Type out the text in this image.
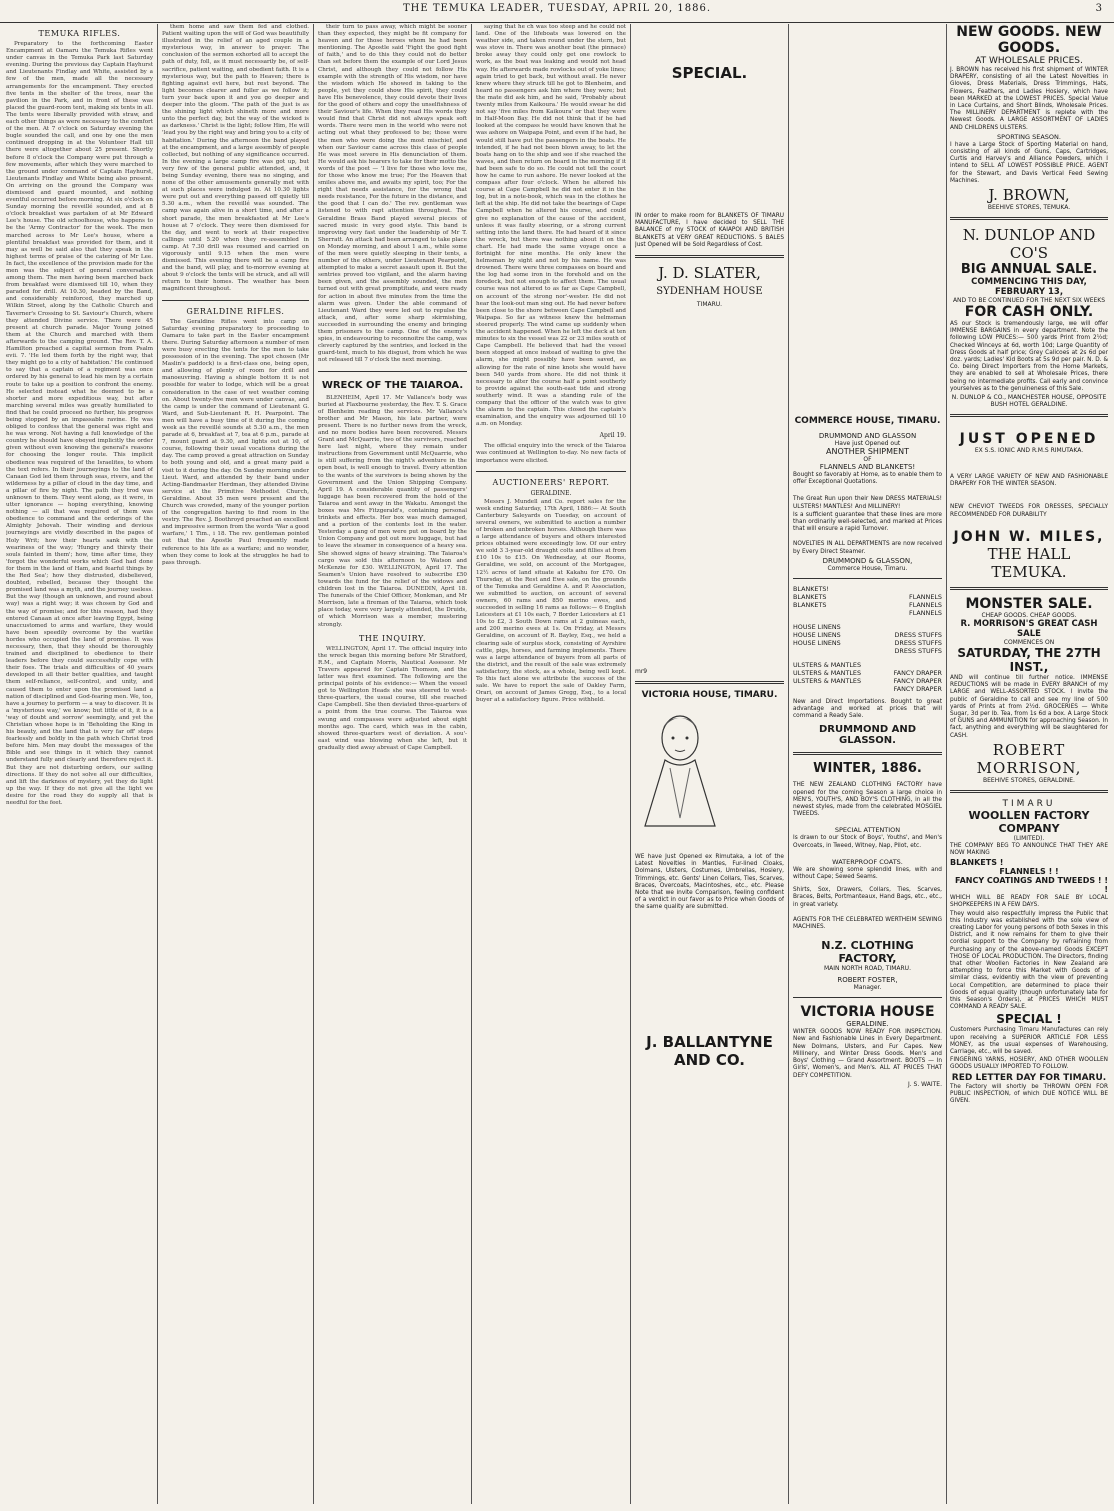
THE TEMUKA LEADER, TUESDAY, APRIL 20, 1886.	3
TEMUKA RIFLES.

Preparatory to the forthcoming Easter Encampment at Oamaru the Temuka Rifles went under canvas in the Temuka Park last Saturday evening. During the previous day Captain Hayhurst and Lieutenants Findlay and White, assisted by a few of the men, made all the necessary arrangements for the encampment. They erected five tents in the shelter of the trees, near the pavilion in the Park, and in front of these was placed the guard-room tent, making six tents in all. The tents were liberally provided with straw, and each other things as were necessary to the comfort of the men. At 7 o'clock on Saturday evening the bugle sounded the call, and one by one the men continued dropping in at the Volunteer Hall till there were altogether about 25 present. Shortly before 8 o'clock the Company were put through a few movements, after which they were marched to the ground under command of Captain Hayhurst, Lieutenants Findlay and White being also present. On arriving on the ground the Company was dismissed and guard mounted, and nothing eventful occurred before morning. At six o'clock on Sunday morning the reveillé sounded, and at 8 o'clock breakfast was partaken of at Mr Edward Lee's house. The old schoolhouse, who happens to be the 'Army Contractor' for the week. The men marched across to Mr Lee's house, where a plentiful breakfast was provided for them, and it may as well be said also that they speak in the highest terms of praise of the catering of Mr Lee. In fact, the excellence of the provision made for the men was the subject of general conversation among them. The men having been marched back from breakfast were dismissed till 10, when they paraded for drill. At 10.30, headed by the Band, and considerably reinforced, they marched up Wilkin Street, along by the Catholic Church and Taverner's Crossing to St. Saviour's Church, where they attended Divine service. There were 45 present at church parade. Major Young joined them at the Church and marched with them afterwards to the camping ground. The Rev. T. A. Hamilton preached a capital sermon from Psalm evii. 7. 'He led them forth by the right way, that they might go to a city of habitation.' He continued to say that a captain of a regiment was once ordered by his general to lead his men by a certain route to take up a position to confront the enemy. He selected instead what he deemed to be a shorter and more expeditious way, but after marching several miles was greatly humiliated to find that he could proceed no further, his progress being stopped by an impassable ravine. He was obliged to confess that the general was right and he was wrong. Not having a full knowledge of the country he should have obeyed implicitly the order given without even knowing the general's reasons for choosing the longer route. This implicit obedience was required of the Israelites, to whom the text refers. In their journeyings to the land of Canaan God led them through seas, rivers, and the wilderness by a pillar of cloud in the day time, and a pillar of fire by night. The path they trod was unknown to them. They went along, as it were, in utter ignorance — hoping everything, knowing nothing — all that was required of them was obedience to command and the orderings of the Almighty Jehovah. Their winding and devious journeyings are vividly described in the pages of Holy Writ; how their hearts sank with the weariness of the way; 'Hungry and thirsty their souls fainted in them'; how, time after time, they 'forgot the wonderful works which God had done for them in the land of Ham, and fearful things by the Red Sea'; how they distrusted, disbelieved, doubted, rebelled, because they thought the promised land was a myth, and the journey useless. But the way (though an unknown, and round about way) was a right way; it was chosen by God and the way of promise; and for this reason, had they entered Canaan at once after leaving Egypt, being unaccustomed to arms and warfare, they would have been speedily overcome by the warlike hordes who occupied the land of promise. It was necessary, then, that they should be thoroughly trained and disciplined to obedience to their leaders before they could successfully cope with their foes. The trials and difficulties of 40 years developed in all their better qualities, and taught them self-reliance, self-control, and unity, and caused them to enter upon the promised land a nation of disciplined and God-fearing men. We, too, have a journey to perform — a way to discover. It is a 'mysterious way,' we know; but little of it, it is a 'way of doubt and sorrow' seemingly, and yet the Christian whose hope is in 'Beholding the King in his beauty, and the land that is very far off' steps fearlessly and boldly in the path which Christ trod before him. Men may doubt the messages of the Bible and see things in it which they cannot understand fully and clearly and therefore reject it. But they are not disturbing orders, our sailing directions. If they do not solve all our difficulties, and lift the darkness of mystery, yet they do light up the way. If they do not give all the light we desire for the road they do supply all that is needful for the feet.

them home and saw them fed and clothed. Patient waiting upon the will of God was beautifully illustrated in the relief of an aged couple in a mysterious way, in answer to prayer. The conclusion of the sermon exhorted all to accept the path of duty, foll, as it must necessarily be, of self-sacrifice, patient waiting, and obedient faith. It is a mysterious way, but the path to Heaven; there is fighting against evil here, but rest beyond. The light becomes clearer and fuller as we follow it; turn your back upon it and you go deeper and deeper into the gloom. 'The path of the just is as the shining light which shineth more and more unto the perfect day, but the way of the wicked is as darkness.' Christ is the light; follow Him, He will 'lead you by the right way and bring you to a city of habitation.' During the afternoon the band played at the encampment, and a large assembly of people collected, but nothing of any significance occurred. In the evening a large camp fire was got up, but very few of the general public attended, and, it being Sunday evening, there was no singing, and none of the other amusements generally met with at such places were indulged in. At 10.30 lights were put out and everything passed off quietly till 5.30 a.m., when the reveillé was sounded. The camp was again alive in a short time, and after a short parade, the men breakfasted at Mr Lee's house at 7 o'clock. They were then dismissed for the day, and went to work at their respective callings until 5.20 when they re-assembled in camp. At 7.30 drill was resumed and carried on vigorously until 9.15 when the men were dismissed. This evening there will be a camp fire and the band, will play, and to-morrow evening at about 9 o'clock the tents will be struck, and all will return to their homes. The weather has been magnificent throughout.

GERALDINE RIFLES.

The Geraldine Rifles went into camp on Saturday evening preparatory to proceeding to Oamaru to take part in the Easter encampment there. During Saturday afternoon a number of men were busy erecting the tents for the men to take possession of in the evening. The spot chosen (Mr Maslin's paddock) is a first-class one, being open, and allowing of plenty of room for drill and manoeuvring. Having a shingle bottom it is not possible for water to lodge, which will be a great consideration in the case of wet weather coming on. About twenty-five men were under canvas, and the camp is under the command of Lieutenant G. Ward, and Sub-Lieutenant R. H. Pearpoint. The men will have a busy time of it during the coming week as the reveillé sounds at 5.30 a.m., the men parade at 6, breakfast at 7, tea at 6 p.m., parade at 7, mount guard at 9.30, and lights out at 10, of course, following their usual vocations during the day. The camp proved a great attraction on Sunday to both young and old, and a great many paid a visit to it during the day. On Sunday morning under Lieut. Ward, and attended by their band under Acting-Bandmaster Herdman, they attended Divine service at the Primitive Methodist Church, Geraldine. About 35 men were present and the Church was crowded, many of the younger portion of the congregation having to find room in the vestry. The Rev. J. Boothroyd preached an excellent and impressive sermon from the words 'War a good warfare,' 1 Tim., i 18. The rev. gentleman pointed out that the Apostle Paul frequently made reference to his life as a warfare; and no wonder, when they come to look at the struggles he had to pass through.

their turn to pass away, which might be sooner than they expected, they might be fit company for heaven and for those heroes whom he had been mentioning. The Apostle said 'Fight the good fight of faith,' and to do this they could not do better than set before them the example of our Lord Jesus Christ, and although they could not follow His example with the strength of His wisdom, nor have the wisdom which He showed in taking to the people, yet they could show His spirit, they could have His benevolence, they could devote their lives for the good of others and copy the unselfishness of their Saviour's life. When they read His words they would find that Christ did not always speak soft words. There were men in the world who were not acting out what they professed to be; those were the men who were doing the most mischief, and when our Saviour came across this class of people He was most severe in His denunciation of them. He would ask his hearers to take for their motto the words of the poet — 'I live for those who love me, for those who know me true; For the Heaven that smiles above me, and awaits my spirit, too; For the right that needs assistance, for the wrong that needs resistance, For the future in the distance, and the good that I can do.' The rev. gentleman was listened to with rapt attention throughout. The Geraldine Brass Band played several pieces of sacred music in very good style. This band is improving very fast under the leadership of Mr T. Sherratt. An attack had been arranged to take place on Monday morning, and about 1 a.m., while some of the men were quietly sleeping in their tents, a number of the others, under Lieutenant Pearpoint, attempted to make a secret assault upon it. But the sentries proved too vigilant, and the alarm having been given, and the assembly sounded, the men turned out with great promptitude, and were ready for action in about five minutes from the time the alarm was given. Under the able command of Lieutenant Ward they were led out to repulse the attack, and, after some sharp skirmishing, succeeded in surrounding the enemy and bringing them prisoners to the camp. One of the enemy's spies, in endeavouring to reconnoitre the camp, was cleverly captured by the sentries, and locked in the guard-tent, much to his disgust, from which he was not released till 7 o'clock the next morning.

WRECK OF THE TAIAROA.

BLENHEIM, April 17. Mr Vallance's body was buried at Flaxbourne yesterday, the Rev. T. S. Grace of Blenheim reading the services. Mr Vallance's brother and Mr Mason, his late partner, were present. There is no further news from the wreck, and no more bodies have been recovered. Messrs Grant and McQuarrie, two of the survivors, reached here last night, where they remain under instructions from Government until McQuarrie, who is still suffering from the night's adventure in the open boat, is well enough to travel. Every attention to the wants of the survivors is being shown by the Government and the Union Shipping Company. April 19. A considerable quantity of passengers' luggage has been recovered from the hold of the Taiaroa and sent away in the Wakatu. Amongst the boxes was Mrs Fitzgerald's, containing personal trinkets and effects. Her box was much damaged, and a portion of the contents lost in the water. Yesterday a gang of men were put on board by the Union Company and got out more luggage, but had to leave the steamer in consequence of a heavy sea. She showed signs of heavy straining. The Taiaroa's cargo was sold this afternoon to Watson and McKenzie for £30. WELLINGTON, April 17. The Seamen's Union have resolved to subscribe £50 towards the fund for the relief of the widows and children lost in the Taiaroa. DUNEDIN, April 18. The funerals of the Chief Officer, Monkman, and Mr Morrison, late a fireman of the Taiaroa, which took place today, were very largely attended, the Druids, of which Morrison was a member, mustering strongly.

THE INQUIRY.

WELLINGTON, April 17. The official inquiry into the wreck began this morning before Mr Stratford, R.M., and Captain Morris, Nautical Assessor. Mr Travers appeared for Captain Thomson, and the latter was first examined. The following are the principal points of his evidence:— When the vessel got to Wellington Heads she was steered to west-three-quarters, the usual course, till she reached Cape Campbell. She then deviated three-quarters of a point from the true course. The Taiaroa was swung and compasses were adjusted about eight months ago. The card, which was in the cabin, showed three-quarters west of deviation. A sou'-east wind was blowing when she left, but it gradually died away abreast of Cape Campbell.

saying that he ch was too steep and he could not land. One of the lifeboats was lowered on the weather side, and taken round under the stern, but was stove in. There was another boat (the pinnace) broke away they could only get one rowlock to work, as the boat was leaking and would not head way. He afterwards made rowlocks out of yoke lines; again tried to get back, but without avail. He never knew where they struck till he got to Blenheim, and heard no passengers ask him where they were; but the mate did ask him, and he said, 'Probably about twenty miles from Kaikoura.' He would swear he did not say 'five miles from Kaikoura' or that they were in Half-Moon Bay. He did not think that if he had looked at the compass he would have known that he was ashore on Waipapa Point, and even if he had, he would still have put the passengers in the boats. He intended, if he had not been blown away, to let the boats hang on to the ship and see if she reached the waves, and then return on board in the morning if it had been safe to do so. He could not tell the court how he came to run ashore. He never looked at the compass after four o'clock. When he altered his course at Cape Campbell he did not enter it in the log, but in a note-book, which was in the clothes he left at the ship. He did not take the bearings of Cape Campbell when he altered his course, and could give no explanation of the cause of the accident, unless it was faulty steering, or a strong current setting into the land there. He had heard of it since the wreck, but there was nothing about it on the chart. He had made the same voyage once a fortnight for nine months. He only knew the helmsman by sight and not by his name. He was drowned. There were three compasses on board and the log had some iron in the forehold and on the foredeck, but not enough to affect them. The usual course was not altered to as far as Cape Campbell, on account of the strong nor'-wester. He did not hear the look-out man sing out. He had never before been close to the shore between Cape Campbell and Waipapa. So far as witness knew the helmsman steered properly. The wind came up suddenly when the accident happened. When he left the deck at ten minutes to six the vessel was 22 or 23 miles south of Cape Campbell. He believed that had the vessel been stopped at once instead of waiting to give the alarm, she might possibly have been saved, as allowing for the rate of nine knots she would have been 540 yards from shore. He did not think it necessary to alter the course half a point southerly to provide against the south-east tide and strong southerly wind. It was a standing rule of the company that the officer of the watch was to give the alarm to the captain. This closed the captain's examination, and the enquiry was adjourned till 10 a.m. on Monday.

April 19.

The official enquiry into the wreck of the Taiaroa was continued at Wellington to-day. No new facts of importance were elicited.

AUCTIONEERS' REPORT.
GERALDINE.

Messrs J. Mundell and Co. report sales for the week ending Saturday, 17th April, 1886:— At South Canterbury Saleyards on Tuesday, on account of several owners, we submitted to auction a number of broken and unbroken horses. Although there was a large attendance of buyers and others interested prices obtained were exceedingly low. Of our entry we sold 3 3-year-old draught colts and fillies at from £10 10s to £15. On Wednesday, at our Rooms, Geraldine, we sold, on account of the Mortgagee, 12½ acres of land situate at Kakahu for £70. On Thursday, at the Rest and Ewe sale, on the grounds of the Temuka and Geraldine A. and P. Association, we submitted to auction, on account of several owners, 60 rams and 850 merino ewes, and succeeded in selling 16 rams as follows:— 6 English Leicesters at £1 10s each, 7 Border Leicesters at £1 10s to £2, 3 South Down rams at 2 guineas each, and 200 merino ewes at 1s. On Friday, at Messrs Geraldine, on account of R. Bayley, Esq., we held a clearing sale of surplus stock, consisting of Ayrshire cattle, pigs, horses, and farming implements. There was a large attendance of buyers from all parts of the district, and the result of the sale was extremely satisfactory, the stock, as a whole, being well kept. To this fact alone we attribute the success of the sale. We have to report the sale of Oakley Farm, Orari, on account of James Gregg, Esq., to a local buyer at a satisfactory figure. Price withheld.

SPECIAL.

IN order to make room for BLANKETS OF TIMARU MANUFACTURE, I have decided to SELL THE BALANCE of my STOCK of KAIAPOI AND BRITISH BLANKETS at VERY GREAT REDUCTIONS. 5 BALES Just Opened will be Sold Regardless of Cost.

J. D. SLATER,
SYDENHAM HOUSE
TIMARU.
mr9
VICTORIA HOUSE, TIMARU.

WE have Just Opened ex Rimutaka, a lot of the Latest Novelties in Mantles, Fur-lined Cloaks, Dolmans, Ulsters, Costumes, Umbrellas, Hosiery, Trimmings, etc. Gents' Linen Collars, Ties, Scarves, Braces, Overcoats, Macintoshes, etc., etc. Please Note that we invite Comparison, feeling confident of a verdict in our favor as to Price when Goods of the same quality are submitted.

J. BALLANTYNE
AND CO.
COMMERCE HOUSE, TIMARU.
DRUMMOND AND GLASSON
Have just Opened out
ANOTHER SHIPMENT
OF
FLANNELS AND BLANKETS!

Bought so favorably at Home, as to enable them to offer Exceptional Quotations.

The Great Run upon their New DRESS MATERIALS! ULSTERS! MANTLES! And MILLINERY!

Is a sufficient guarantee that these lines are more than ordinarily well-selected, and marked at Prices that will ensure a rapid Turnover.

NOVELTIES IN ALL DEPARTMENTS are now received by Every Direct Steamer.

DRUMMOND & GLASSON,
Commerce House, Timaru.
BLANKETS!
BLANKETS
BLANKETS
HOUSE LINENS
HOUSE LINENS
HOUSE LINENS
ULSTERS & MANTLES
ULSTERS & MANTLES
ULSTERS & MANTLES
FLANNELS
FLANNELS
FLANNELS
DRESS STUFFS
DRESS STUFFS
DRESS STUFFS
FANCY DRAPER
FANCY DRAPER
FANCY DRAPER

New and Direct Importations. Bought to great advantage and worked at prices that will command a Ready Sale.

DRUMMOND AND GLASSON.
WINTER, 1886.

THE NEW ZEALAND CLOTHING FACTORY have opened for the coming Season a large choice in MEN'S, YOUTH'S, AND BOY'S CLOTHING, in all the newest styles, made from the celebrated MOSGIEL TWEEDS.

SPECIAL ATTENTION

Is drawn to our Stock of Boys', Youths', and Men's Overcoats, in Tweed, Witney, Nap, Pilot, etc.

WATERPROOF COATS.

We are showing some splendid lines, with and without Cape; Sewed Seams.

Shirts, Sox, Drawers, Collars, Ties, Scarves, Braces, Belts, Portmanteaux, Hand Bags, etc., etc., in great variety.

AGENTS FOR THE CELEBRATED WERTHEIM SEWING MACHINES.

N.Z. CLOTHING FACTORY,
MAIN NORTH ROAD, TIMARU.
ROBERT FOSTER,
Manager.
VICTORIA HOUSE
GERALDINE.

WINTER GOODS NOW READY FOR INSPECTION. New and Fashionable Lines in Every Department. New Dolmans, Ulsters, and Fur Capes. New Millinery, and Winter Dress Goods. Men's and Boys' Clothing — Grand Assortment. BOOTS — In Girls', Women's, and Men's. ALL AT PRICES THAT DEFY COMPETITION.

J. S. WAITE.
NEW GOODS. NEW GOODS.
AT WHOLESALE PRICES.

J. BROWN has received his first shipment of WINTER DRAPERY, consisting of all the Latest Novelties in Gloves, Dress Materials, Dress Trimmings, Hats, Flowers, Feathers, and Ladies Hosiery, which have been MARKED at the LOWEST PRICES. Special Value in Lace Curtains, and Short Blinds, Wholesale Prices. The MILLINERY DEPARTMENT is replete with the Newest Goods. A LARGE ASSORTMENT OF LADIES AND CHILDRENS ULSTERS.

SPORTING SEASON.

I have a Large Stock of Sporting Material on hand, consisting of all kinds of Guns, Caps, Cartridges, Curtis and Harvey's and Alliance Powders, which I intend to SELL AT LOWEST POSSIBLE PRICE. AGENT for the Stewart, and Davis Vertical Feed Sewing Machines.

J. BROWN,
BEEHIVE STORES, TEMUKA.
N. DUNLOP AND CO'S
BIG ANNUAL SALE.
COMMENCING THIS DAY, FEBRUARY 13,
AND TO BE CONTINUED FOR THE NEXT SIX WEEKS
FOR CASH ONLY.

AS our Stock is tremendously large, we will offer IMMENSE BARGAINS in every department. Note the following LOW PRICES:— 500 yards Print from 2½d; Checked Winceys at 6d, worth 10d; Large Quantity of Dress Goods at half price; Grey Calicoes at 2s 6d per doz. yards; Ladies' Kid Boots at 5s 9d per pair. N. D. & Co. being Direct Importers from the Home Markets, they are enabled to sell at Wholesale Prices, there being no intermediate profits. Call early and convince yourselves as to the genuineness of this Sale.

N. DUNLOP & CO., MANCHESTER HOUSE, OPPOSITE BUSH HOTEL GERALDINE.
JUST OPENED
EX S.S. IONIC AND R.M.S RIMUTAKA.

A VERY LARGE VARIETY OF NEW AND FASHIONABLE DRAPERY FOR THE WINTER SEASON.

NEW CHEVIOT TWEEDS FOR DRESSES, SPECIALLY RECOMMENDED FOR DURABILITY

JOHN W. MILES,
THE HALL TEMUKA.
MONSTER SALE.
CHEAP GOODS. CHEAP GOODS.
R. MORRISON'S GREAT CASH SALE
COMMENCES ON
SATURDAY, THE 27TH INST.,

AND will continue till further notice. IMMENSE REDUCTIONS will be made in EVERY BRANCH of my LARGE and WELL-ASSORTED STOCK. I invite the public of Geraldine to call and see my line of 500 yards of Prints at from 2½d. GROCERIES — White Sugar, 3d per lb. Tea, from 1s 6d a box. A Large Stock of GUNS and AMMUNITION for approaching Season. In fact, anything and everything will be slaughtered for CASH.

ROBERT MORRISON,
BEEHIVE STORES, GERALDINE.
TIMARU
WOOLLEN FACTORY COMPANY
(LIMITED).

THE COMPANY BEG TO ANNOUNCE THAT THEY ARE NOW MAKING

BLANKETS !
FLANNELS ! !
FANCY COATINGS AND TWEEDS ! ! !

WHICH WILL BE READY FOR SALE BY LOCAL SHOPKEEPERS IN A FEW DAYS.

They would also respectfully impress the Public that this Industry was established with the sole view of creating Labor for young persons of both Sexes in this District, and it now remains for them to give their cordial support to the Company by refraining from Purchasing any of the above-named Goods EXCEPT THOSE OF LOCAL PRODUCTION. The Directors, finding that other Woollen Factories in New Zealand are attempting to force this Market with Goods of a similar class, evidently with the view of preventing Local Competition, are determined to place their Goods of equal quality (though unfortunately late for this Season's Orders), at PRICES WHICH MUST COMMAND A READY SALE.

SPECIAL !

Customers Purchasing Timaru Manufactures can rely upon receiving a SUPERIOR ARTICLE FOR LESS MONEY, as the usual expenses of Warehousing, Carriage, etc., will be saved.

FINGERING YARNS, HOSIERY, AND OTHER WOOLLEN GOODS USUALLY IMPORTED TO FOLLOW.

RED LETTER DAY FOR TIMARU.

The Factory will shortly be THROWN OPEN FOR PUBLIC INSPECTION, of which DUE NOTICE WILL BE GIVEN.
